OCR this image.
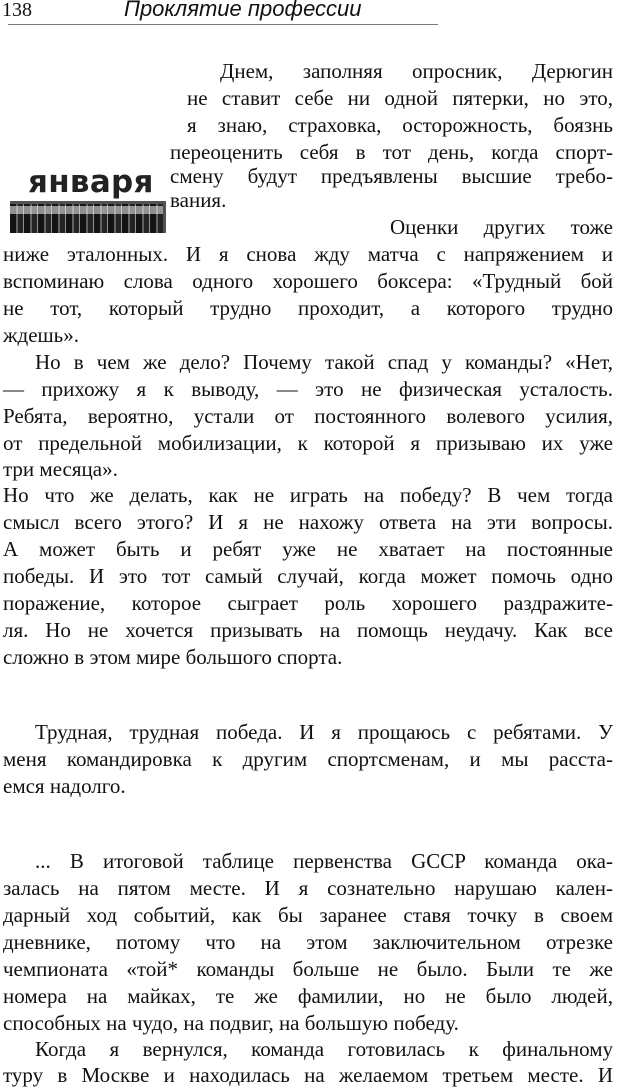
138	Проклятие профессии
января
Днем, заполняя опросник, Дерюгин
не ставит себе ни одной пятерки, но это,
я знаю, страховка, осторожность, боязнь
переоценить себя в тот день, когда спорт-
смену будут предъявлены высшие требо-
вания.
Оценки других тоже
ниже эталонных. И я снова жду матча с напряжением и
вспоминаю слова одного хорошего боксера: «Трудный бой
не тот, который трудно проходит, а которого трудно
ждешь».
Но в чем же дело? Почему такой спад у команды? «Нет,
— прихожу я к выводу, — это не физическая усталость.
Ребята, вероятно, устали от постоянного волевого усилия,
от предельной мобилизации, к которой я призываю их уже
три месяца».
Но что же делать, как не играть на победу? В чем тогда
смысл всего этого? И я не нахожу ответа на эти вопросы.
А может быть и ребят уже не хватает на постоянные
победы. И это тот самый случай, когда может помочь одно
поражение, которое сыграет роль хорошего раздражите-
ля. Но не хочется призывать на помощь неудачу. Как все
сложно в этом мире большого спорта.
Трудная, трудная победа. И я прощаюсь с ребятами. У
меня командировка к другим спортсменам, и мы расста-
емся надолго.
... В итоговой таблице первенства GCCP команда ока-
залась на пятом месте. И я сознательно нарушаю кален-
дарный ход событий, как бы заранее ставя точку в своем
дневнике, потому что на этом заключительном отрезке
чемпионата «той* команды больше не было. Были те же
номера на майках, те же фамилии, но не было людей,
способных на чудо, на подвиг, на большую победу.
Когда я вернулся, команда готовилась к финальному
туру в Москве и находилась на желаемом третьем месте. И
